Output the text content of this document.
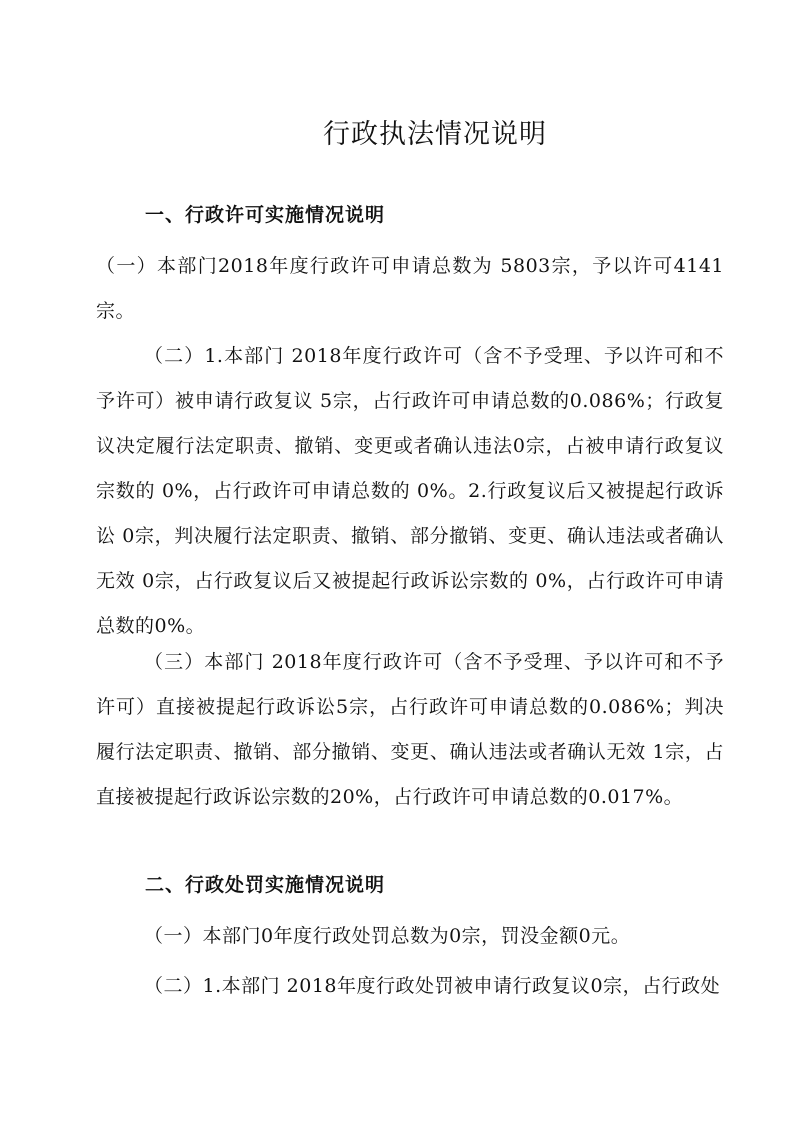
行政执法情况说明
一、行政许可实施情况说明
（一）本部门2018年度行政许可申请总数为 5803宗，予以许可4141宗。
（二）1.本部门 2018年度行政许可（含不予受理、予以许可和不予许可）被申请行政复议 5宗，占行政许可申请总数的0.086%；行政复议决定履行法定职责、撤销、变更或者确认违法0宗，占被申请行政复议宗数的 0%，占行政许可申请总数的 0%。2.行政复议后又被提起行政诉讼 0宗，判决履行法定职责、撤销、部分撤销、变更、确认违法或者确认无效 0宗，占行政复议后又被提起行政诉讼宗数的 0%，占行政许可申请总数的0%。
（三）本部门 2018年度行政许可（含不予受理、予以许可和不予许可）直接被提起行政诉讼5宗，占行政许可申请总数的0.086%；判决履行法定职责、撤销、部分撤销、变更、确认违法或者确认无效 1宗，占直接被提起行政诉讼宗数的20%，占行政许可申请总数的0.017%。
二、行政处罚实施情况说明
（一）本部门0年度行政处罚总数为0宗，罚没金额0元。
（二）1.本部门 2018年度行政处罚被申请行政复议0宗，占行政处
